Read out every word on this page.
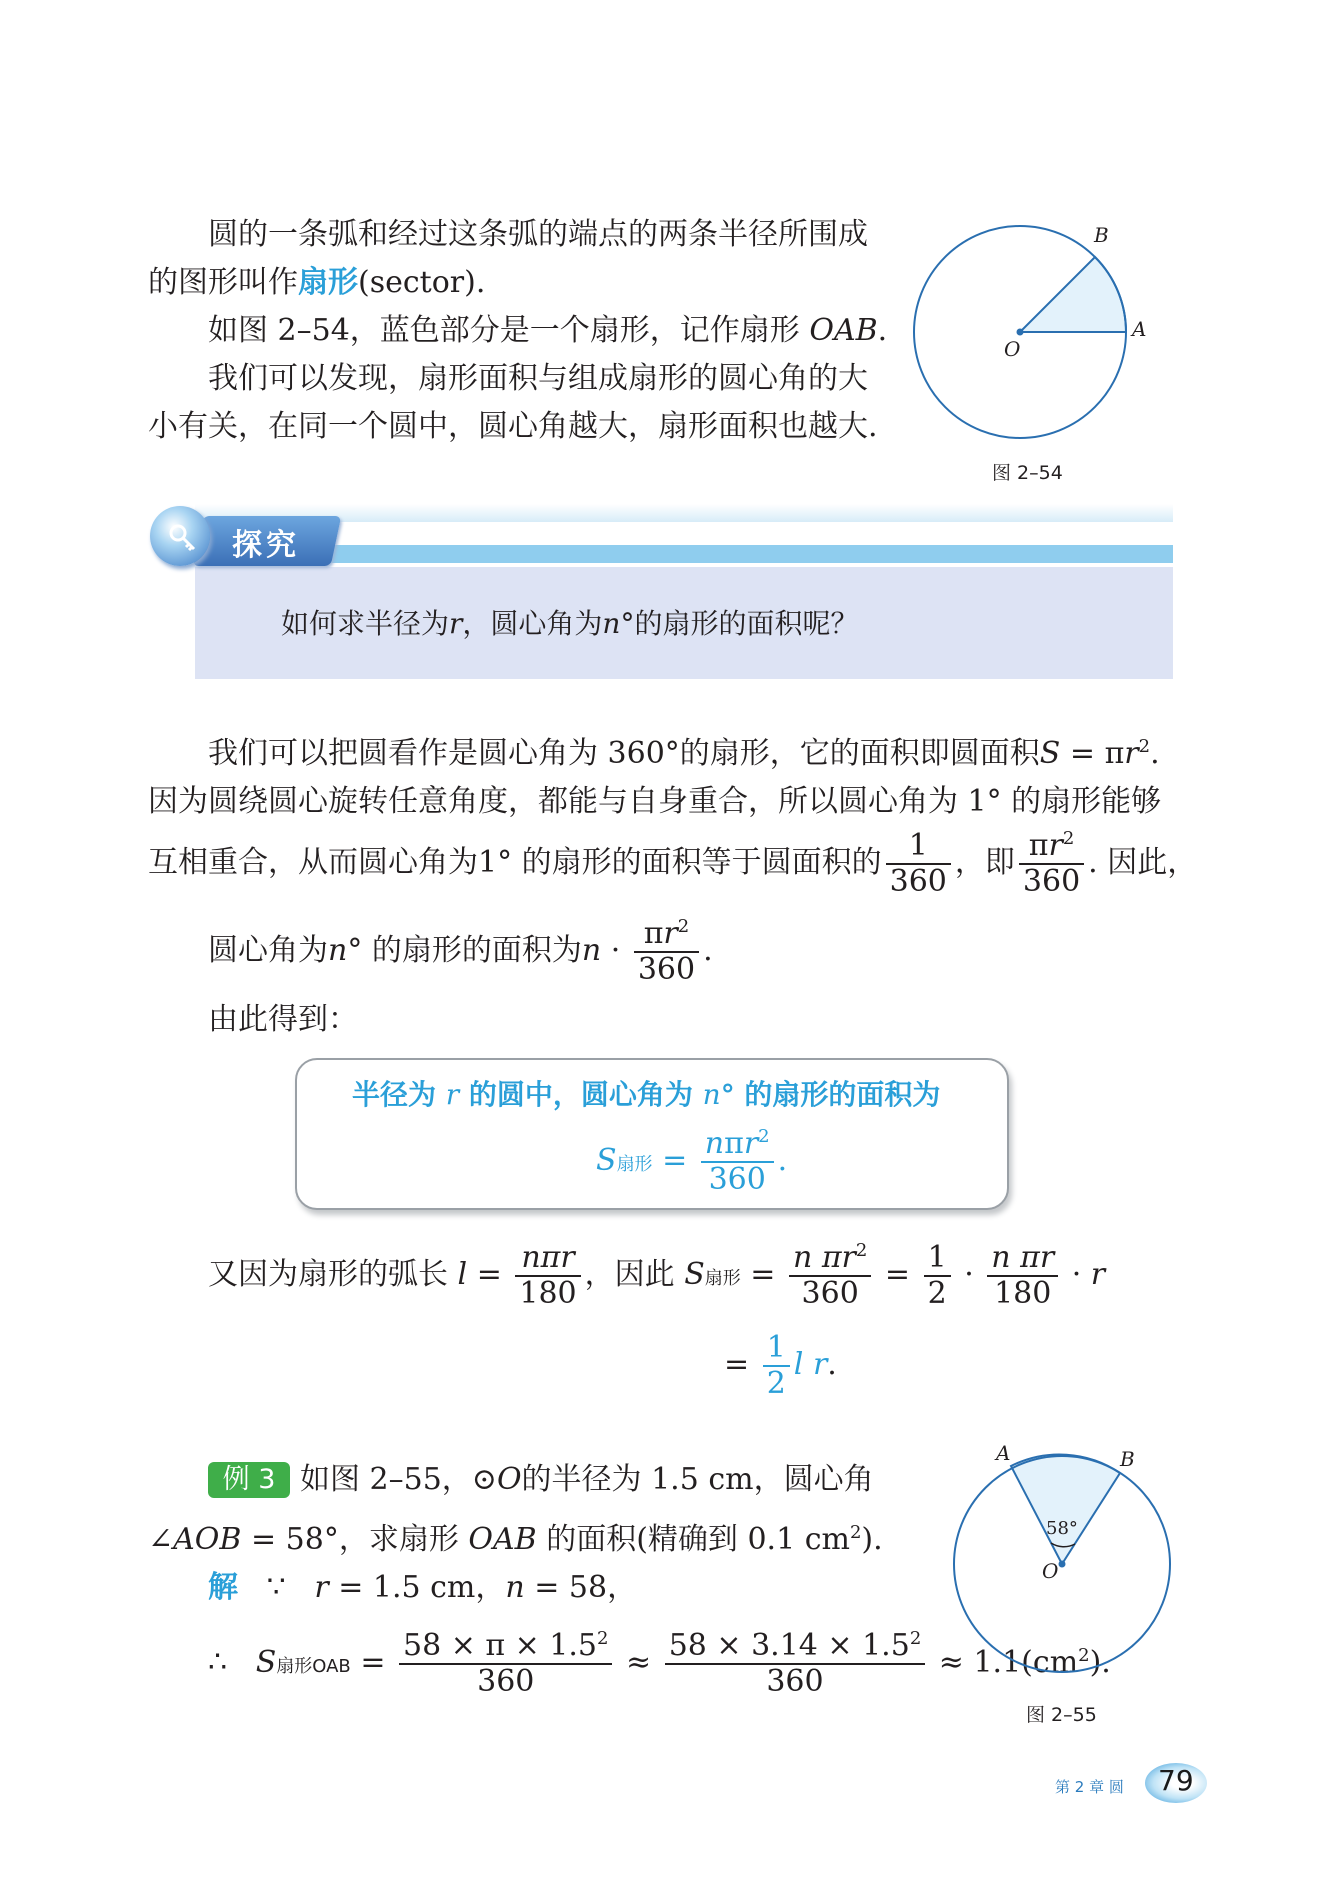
圆的一条弧和经过这条弧的端点的两条半径所围成

的图形叫作扇形(sector).

如图 2–54，蓝色部分是一个扇形，记作扇形 OAB.

我们可以发现，扇形面积与组成扇形的圆心角的大

小有关，在同一个圆中，圆心角越大，扇形面积也越大.

O
A
B
图 2–54
探究

如何求半径为r，圆心角为n°的扇形的面积呢？

我们可以把圆看作是圆心角为 360°的扇形，它的面积即圆面积$S = \pi r^2$.

因为圆绕圆心旋转任意角度，都能与自身重合，所以圆心角为 1° 的扇形能够

互相重合，从而圆心角为1° 的扇形的面积等于圆面积的 $\frac{1}{360}$ ，即 $\frac{\pi r^2}{360}$ . 因此，
圆心角为n° 的扇形的面积为$n \cdot \frac{\pi r^2}{360}$ .

由此得到：

半径为 r 的圆中，圆心角为 n° 的扇形的面积为

S扇形 = $\frac{n\pi r^2}{360}$ .
又因为扇形的弧长 $l = \frac{\text{nπr}}{180}$ ，因此 S扇形 = $\frac{n \pi r^2}{360} = \frac{1}{2} \cdot \frac{\text{n πr}}{180} \cdot r$
= $\frac{1}{2}$ l r.
例 3 如图 2–55，⊙O的半径为 1.5 cm，圆心角

∠AOB = 58°，求扇形 OAB 的面积(精确到 0.1 $cm^2$).

解 ∵ r = 1.5 cm，n = 58，

∴ S扇形OAB = $\frac{58 \times \pi \times 1.5^2}{360} \approx \frac{58 \times 3.14 \times 1.5^2}{360} \approx 1.1(cm^2)$.
58°
O
A	B
图 2–55
第 2 章 圆 79
